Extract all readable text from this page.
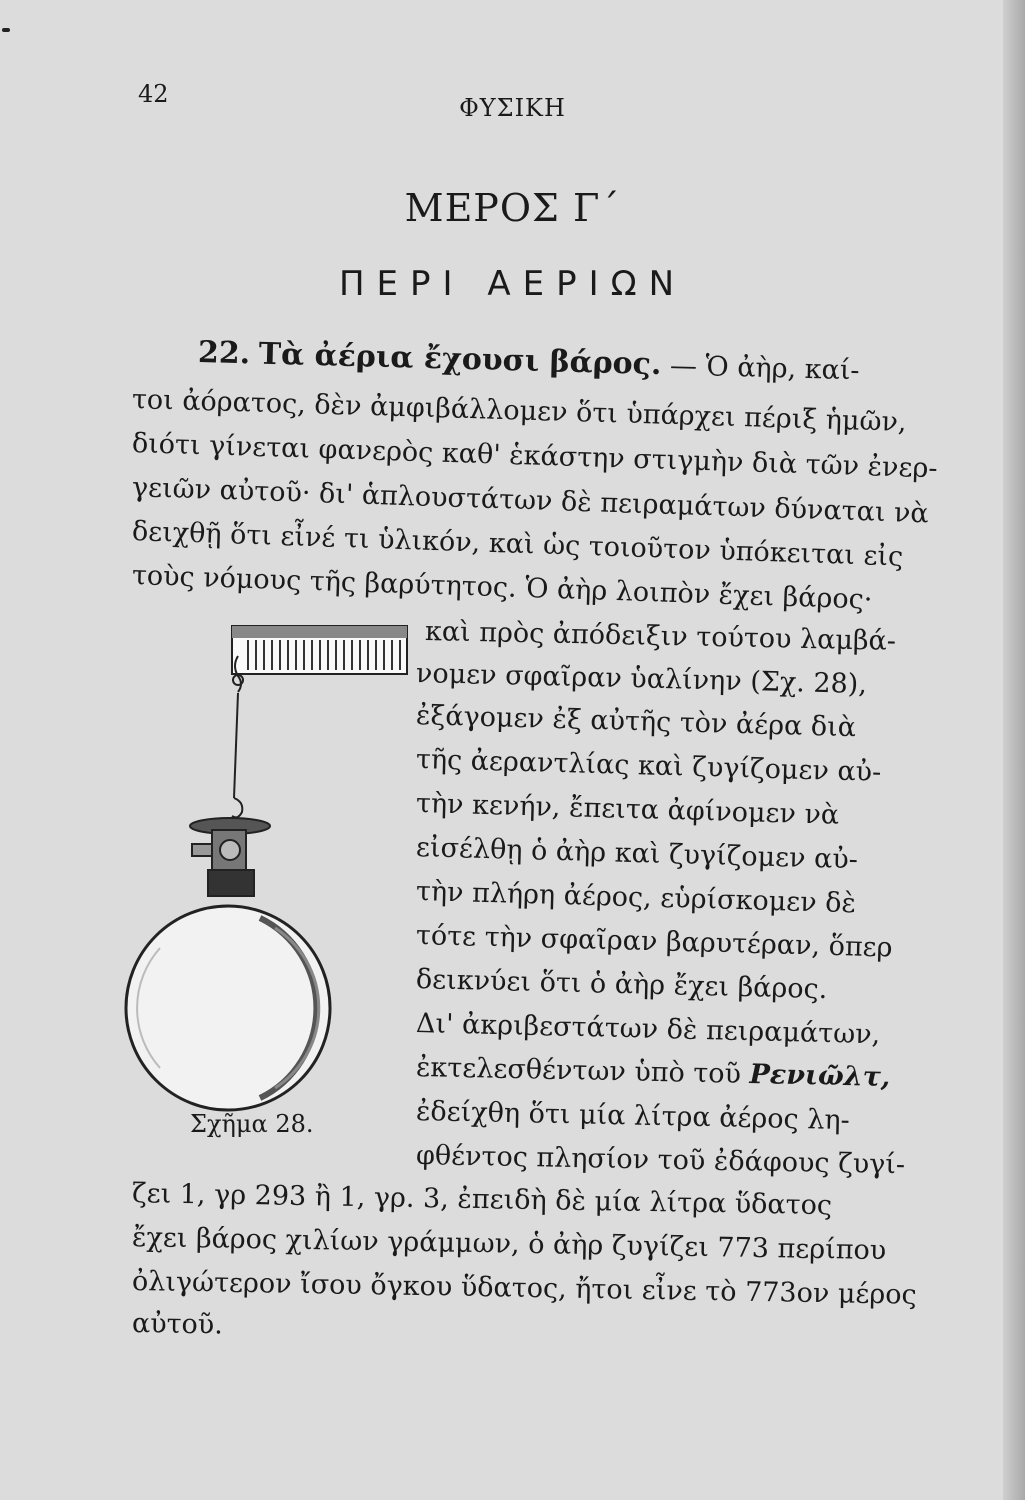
42	ΦΥΣΙΚΗ
ΜΕΡΟΣ Γ΄
ΠΕΡΙ ΑΕΡΙΩΝ
22. Τὰ ἀέρια ἔχουσι βάρος. — Ὁ ἀὴρ, καί-
τοι ἀόρατος, δὲν ἀμφιβάλλομεν ὅτι ὑπάρχει πέριξ ἡμῶν,
διότι γίνεται φανερὸς καθ' ἑκάστην στιγμὴν διὰ τῶν ἐνερ-
γειῶν αὐτοῦ· δι' ἁπλουστάτων δὲ πειραμάτων δύναται νὰ
δειχθῇ ὅτι εἶνέ τι ὑλικόν, καὶ ὡς τοιοῦτον ὑπόκειται εἰς
τοὺς νόμους τῆς βαρύτητος. Ὁ ἀὴρ λοιπὸν ἔχει βάρος·
καὶ πρὸς ἀπόδειξιν τούτου λαμβά-
νομεν σφαῖραν ὑαλίνην (Σχ. 28),
ἐξάγομεν ἐξ αὐτῆς τὸν ἀέρα διὰ
τῆς ἀεραντλίας καὶ ζυγίζομεν αὐ-
τὴν κενήν, ἔπειτα ἀφίνομεν νὰ
εἰσέλθῃ ὁ ἀὴρ καὶ ζυγίζομεν αὐ-
τὴν πλήρη ἀέρος, εὑρίσκομεν δὲ
τότε τὴν σφαῖραν βαρυτέραν, ὅπερ
δεικνύει ὅτι ὁ ἀὴρ ἔχει βάρος.
Δι' ἀκριβεστάτων δὲ πειραμάτων,
ἐκτελεσθέντων ὑπὸ τοῦ Ρενιῶλτ,
ἐδείχθη ὅτι μία λίτρα ἀέρος λη-
φθέντος πλησίον τοῦ ἐδάφους ζυγί-
ζει 1, γρ 293 ἢ 1, γρ. 3, ἐπειδὴ δὲ μία λίτρα ὕδατος
ἔχει βάρος χιλίων γράμμων, ὁ ἀὴρ ζυγίζει 773 περίπου
ὀλιγώτερον ἴσου ὄγκου ὕδατος, ἤτοι εἶνε τὸ 773ον μέρος
αὐτοῦ.
Σχῆμα 28.
